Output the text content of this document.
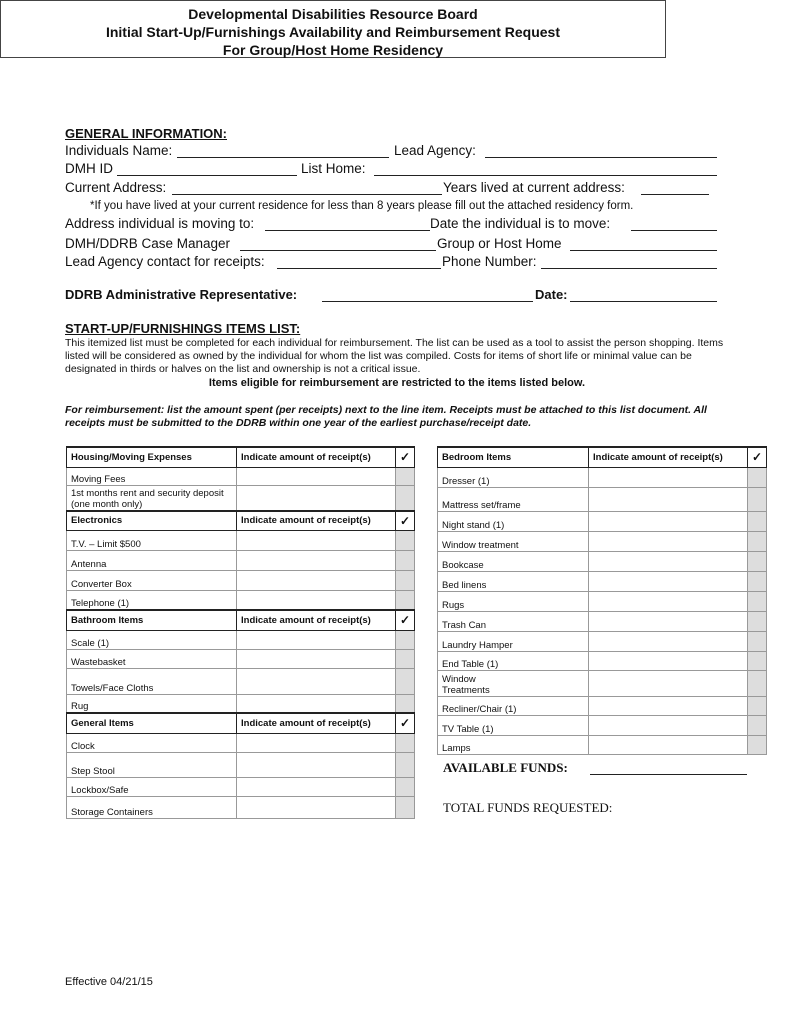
Developmental Disabilities Resource Board
Initial Start-Up/Furnishings Availability and Reimbursement Request
For Group/Host Home Residency
GENERAL INFORMATION:
Individuals Name:	Lead Agency:
DMH ID	List Home:
Current Address:	Years lived at current address:
*If you have lived at your current residence for less than 8 years please fill out the attached residency form.
Address individual is moving to:	Date the individual is to move:
DMH/DDRB Case Manager	Group or Host Home
Lead Agency contact for receipts:	Phone Number:
DDRB Administrative Representative:	Date:
START-UP/FURNISHINGS ITEMS LIST:
This itemized list must be completed for each individual for reimbursement. The list can be used as a tool to assist the person shopping. Items listed will be considered as owned by the individual for whom the list was compiled. Costs for items of short life or minimal value can be designated in thirds or halves on the list and ownership is not a critical issue.
Items eligible for reimbursement are restricted to the items listed below.
For reimbursement: list the amount spent (per receipts) next to the line item. Receipts must be attached to this list document. All receipts must be submitted to the DDRB within one year of the earliest purchase/receipt date.
Housing/Moving Expenses	Indicate amount of receipt(s)	✓
Moving Fees		
1st months rent and security deposit (one month only)		
Electronics	Indicate amount of receipt(s)	✓
T.V. – Limit $500		
Antenna		
Converter Box		
Telephone (1)		
Bathroom Items	Indicate amount of receipt(s)	✓
Scale (1)		
Wastebasket		
Towels/Face Cloths		
Rug		
General Items	Indicate amount of receipt(s)	✓
Clock		
Step Stool		
Lockbox/Safe		
Storage Containers		
Bedroom Items	Indicate amount of receipt(s)	✓
Dresser (1)		
Mattress set/frame		
Night stand (1)		
Window treatment		
Bookcase		
Bed linens		
Rugs		
Trash Can		
Laundry Hamper		
End Table (1)		

Window Treatments		

Recliner/Chair (1)		
TV Table (1)		
Lamps		
AVAILABLE FUNDS:
TOTAL FUNDS REQUESTED:
Effective 04/21/15
